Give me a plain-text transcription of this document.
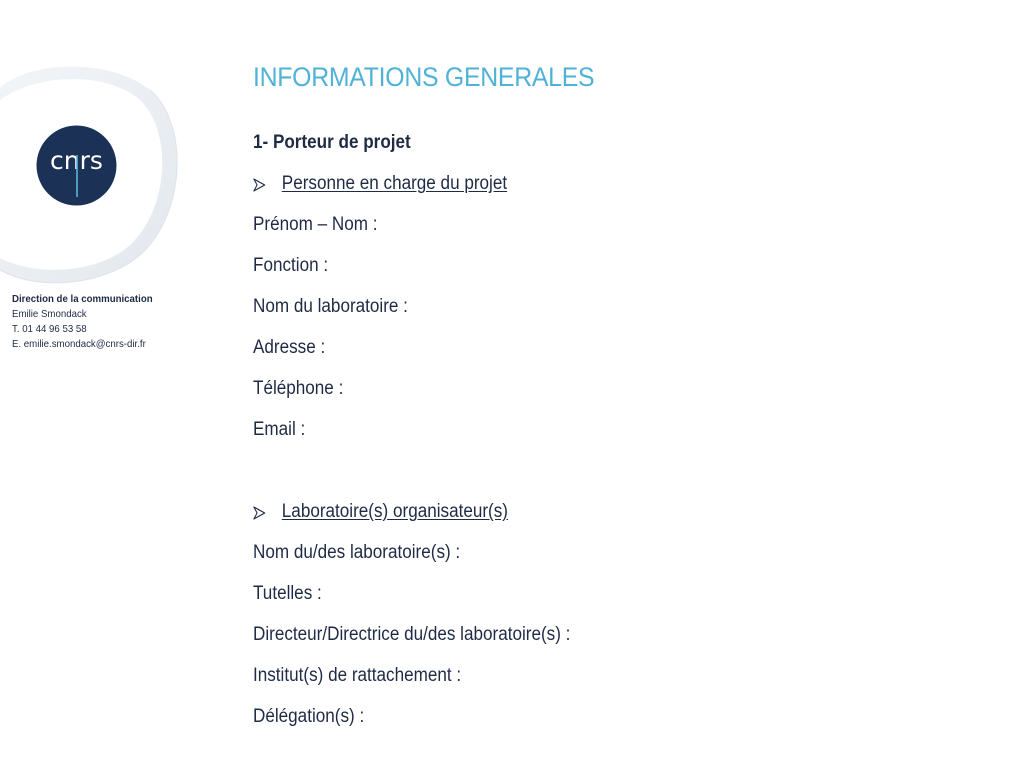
cnrs
Direction de la communication
Emilie Smondack
T. 01 44 96 53 58
E. emilie.smondack@cnrs-dir.fr
INFORMATIONS GENERALES
1- Porteur de projet
Personne en charge du projet
Prénom – Nom :
Fonction :
Nom du laboratoire :
Adresse :
Téléphone :
Email :
Laboratoire(s) organisateur(s)
Nom du/des laboratoire(s) :
Tutelles :
Directeur/Directrice du/des laboratoire(s) :
Institut(s) de rattachement :
Délégation(s) :
